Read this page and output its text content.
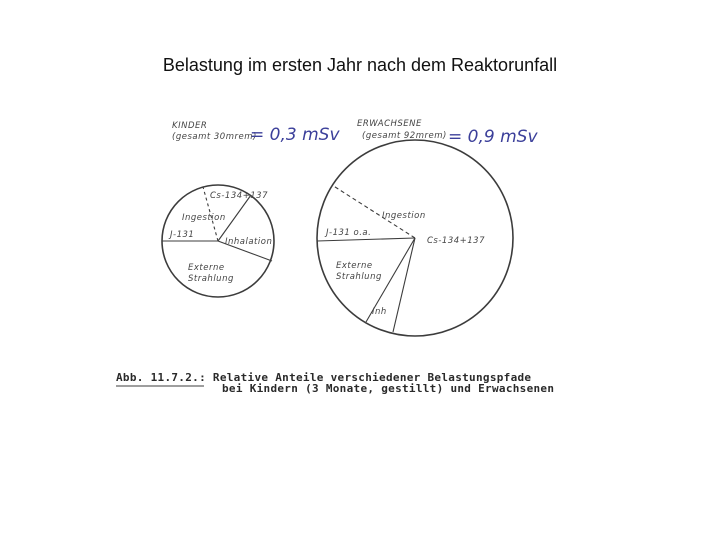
Belastung im ersten Jahr nach dem Reaktorunfall
KINDER
(gesamt 30mrem)
= 0,3 mSv
ERWACHSENE
(gesamt 92mrem) = 0,9 mSv
Cs-134+137
Ingestion
J-131
Inhalation
Externe
Strahlung
Ingestion
J-131 o.a.
Cs-134+137
Externe
Strahlung
Inh
Abb. 11.7.2.: Relative Anteile verschiedener Belastungspfade
bei Kindern (3 Monate, gestillt) und Erwachsenen
